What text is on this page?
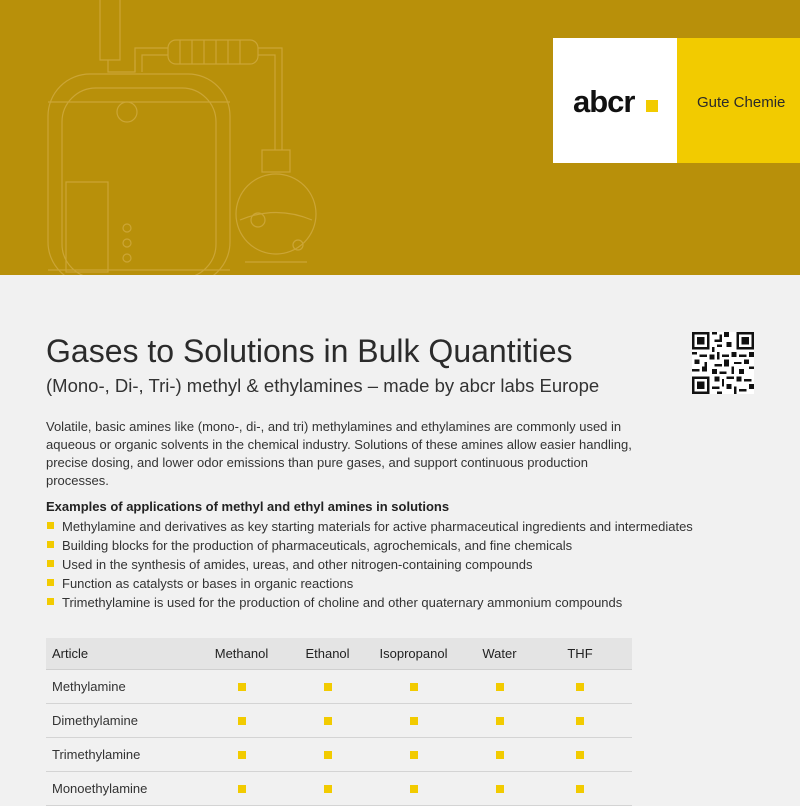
abcr	Gute Chemie
Gases to Solutions in Bulk Quantities
(Mono-, Di-, Tri-) methyl & ethylamines – made by abcr labs Europe

Volatile, basic amines like (mono-, di-, and tri) methylamines and ethylamines are commonly used in aqueous or organic solvents in the chemical industry. Solutions of these amines allow easier handling, precise dosing, and lower odor emissions than pure gases, and support continuous production processes.

Examples of applications of methyl and ethyl amines in solutions
Methylamine and derivatives as key starting materials for active pharmaceutical ingredients and intermediates
Building blocks for the production of pharmaceuticals, agrochemicals, and fine chemicals
Used in the synthesis of amides, ureas, and other nitrogen-containing compounds
Function as catalysts or bases in organic reactions
Trimethylamine is used for the production of choline and other quaternary ammonium compounds
Article	Methanol	Ethanol	Isopropanol	Water	THF
Methylamine
Dimethylamine
Trimethylamine
Monoethylamine
